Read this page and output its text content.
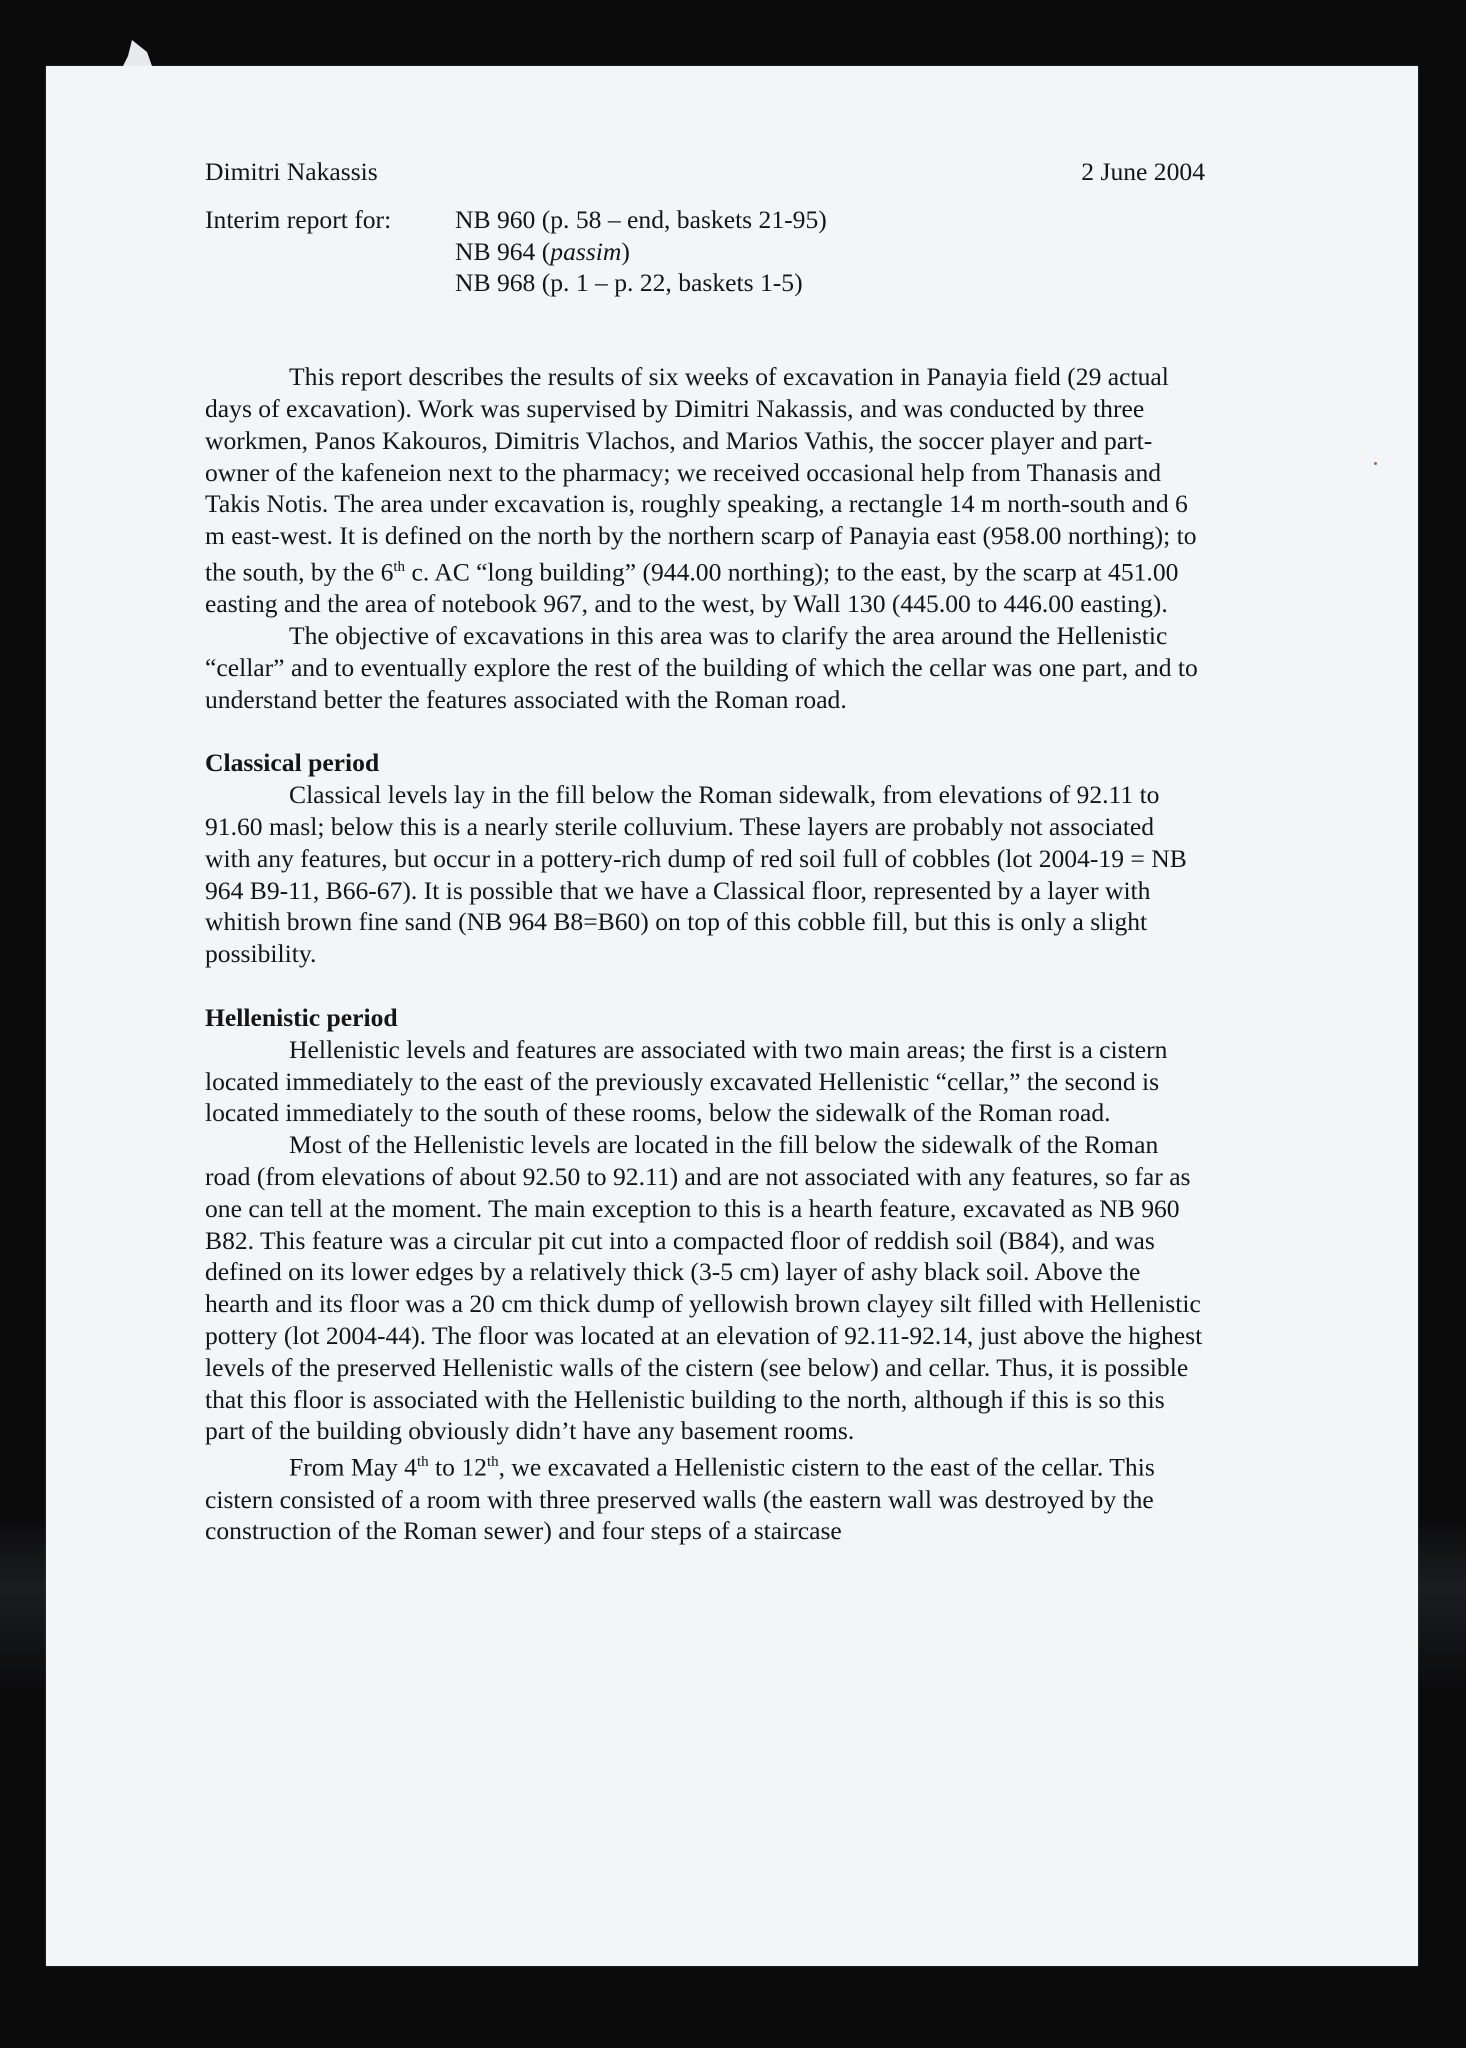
Dimitri Nakassis	2 June 2004
Interim report for:	NB 960 (p. 58 – end, baskets 21-95)
NB 964 (passim)
NB 968 (p. 1 – p. 22, baskets 1-5)

This report describes the results of six weeks of excavation in Panayia field (29 actual days of excavation). Work was supervised by Dimitri Nakassis, and was conducted by three workmen, Panos Kakouros, Dimitris Vlachos, and Marios Vathis, the soccer player and part-owner of the kafeneion next to the pharmacy; we received occasional help from Thanasis and Takis Notis. The area under excavation is, roughly speaking, a rectangle 14 m north-south and 6 m east-west. It is defined on the north by the northern scarp of Panayia east (958.00 northing); to the south, by the 6th c. AC “long building” (944.00 northing); to the east, by the scarp at 451.00 easting and the area of notebook 967, and to the west, by Wall 130 (445.00 to 446.00 easting).

The objective of excavations in this area was to clarify the area around the Hellenistic “cellar” and to eventually explore the rest of the building of which the cellar was one part, and to understand better the features associated with the Roman road.

Classical period

Classical levels lay in the fill below the Roman sidewalk, from elevations of 92.11 to 91.60 masl; below this is a nearly sterile colluvium. These layers are probably not associated with any features, but occur in a pottery-rich dump of red soil full of cobbles (lot 2004-19 = NB 964 B9-11, B66-67). It is possible that we have a Classical floor, represented by a layer with whitish brown fine sand (NB 964 B8=B60) on top of this cobble fill, but this is only a slight possibility.

Hellenistic period

Hellenistic levels and features are associated with two main areas; the first is a cistern located immediately to the east of the previously excavated Hellenistic “cellar,” the second is located immediately to the south of these rooms, below the sidewalk of the Roman road.

Most of the Hellenistic levels are located in the fill below the sidewalk of the Roman road (from elevations of about 92.50 to 92.11) and are not associated with any features, so far as one can tell at the moment. The main exception to this is a hearth feature, excavated as NB 960 B82. This feature was a circular pit cut into a compacted floor of reddish soil (B84), and was defined on its lower edges by a relatively thick (3-5 cm) layer of ashy black soil. Above the hearth and its floor was a 20 cm thick dump of yellowish brown clayey silt filled with Hellenistic pottery (lot 2004-44). The floor was located at an elevation of 92.11-92.14, just above the highest levels of the preserved Hellenistic walls of the cistern (see below) and cellar. Thus, it is possible that this floor is associated with the Hellenistic building to the north, although if this is so this part of the building obviously didn’t have any basement rooms.

From May 4th to 12th, we excavated a Hellenistic cistern to the east of the cellar. This cistern consisted of a room with three preserved walls (the eastern wall was destroyed by the construction of the Roman sewer) and four steps of a staircase
